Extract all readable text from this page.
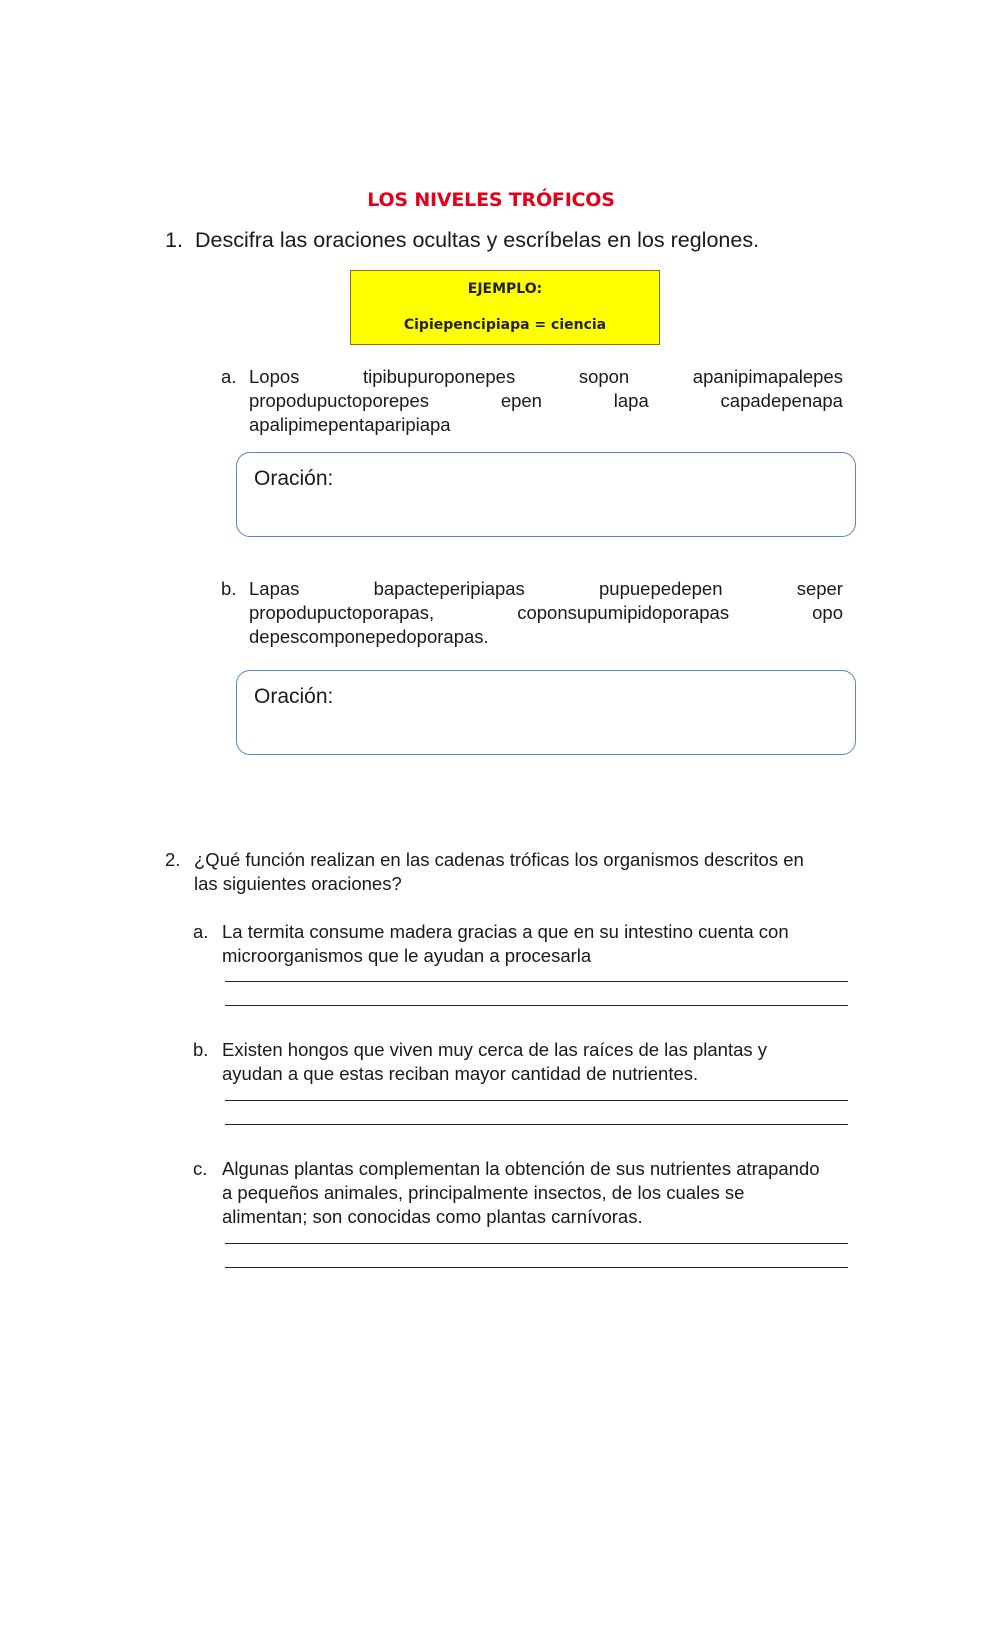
LOS NIVELES TRÓFICOS
1. Descifra las oraciones ocultas y escríbelas en los reglones.
EJEMPLO:
Cipiepencipiapa = ciencia
a. Lopos	tipibupuroponepes	sopon	apanipimapalepes
propodupuctoporepes	epen	lapa	capadepenapa
apalipimepentaparipiapa
Oración:
b. Lapas	bapacteperipiapas	pupuepedepen	seper
propodupuctoporapas,	coponsupumipidoporapas	opo
depescomponepedoporapas.
Oración:
2. ¿Qué función realizan en las cadenas tróficas los organismos descritos en
las siguientes oraciones?
a. La termita consume madera gracias a que en su intestino cuenta con
microorganismos que le ayudan a procesarla
b. Existen hongos que viven muy cerca de las raíces de las plantas y
ayudan a que estas reciban mayor cantidad de nutrientes.
c. Algunas plantas complementan la obtención de sus nutrientes atrapando
a pequeños animales, principalmente insectos, de los cuales se
alimentan; son conocidas como plantas carnívoras.
